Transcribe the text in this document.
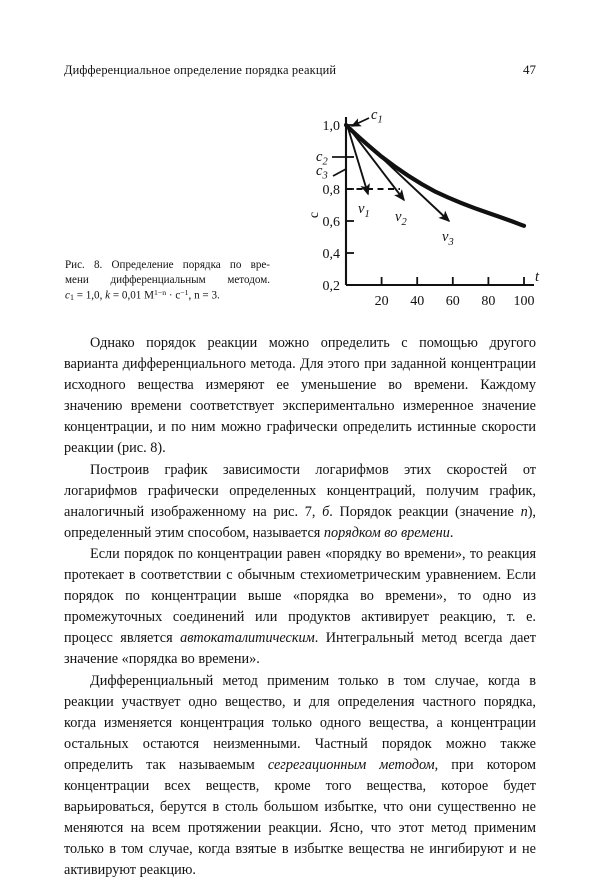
Дифференциальное определение порядка реакций	47
1,0
0,8
0,6
0,4
0,2
20 40 60 80 100
c
t
$c_1$
$c_2$
$c_3$
$v_1$ $v_2$
$v_3$
Рис. 8. Определение порядка по вре-
мени дифференциальным методом.
$c_1 = 1,0$, k = 0,01 $M^{1-n} \cdot с^{-1}$, n = 3.

Однако порядок реакции можно определить с помощью другого варианта дифференциального метода. Для этого при заданной концентрации исходного вещества измеряют ее уменьшение во времени. Каждому значению времени соответствует экспериментально измеренное значение концентрации, и по ним можно графически определить истинные скорости реакции (рис. 8).

Построив график зависимости логарифмов этих скоростей от логарифмов графически определенных концентраций, получим график, аналогичный изображенному на рис. 7, б. Порядок реакции (значение n), определенный этим способом, называется порядком во времени.

Если порядок по концентрации равен «порядку во времени», то реакция протекает в соответствии с обычным стехиометрическим уравнением. Если порядок по концентрации выше «порядка во времени», то одно из промежуточных соединений или продуктов активирует реакцию, т. е. процесс является автокаталитическим. Интегральный метод всегда дает значение «порядка во времени».

Дифференциальный метод применим только в том случае, когда в реакции участвует одно вещество, и для определения частного порядка, когда изменяется концентрация только одного вещества, а концентрации остальных остаются неизменными. Частный порядок можно также определить так называемым сегрегационным методом, при котором концентрации всех веществ, кроме того вещества, которое будет варьироваться, берутся в столь большом избытке, что они существенно не меняются на всем протяжении реакции. Ясно, что этот метод применим только в том случае, когда взятые в избытке вещества не ингибируют и не активируют реакцию.
